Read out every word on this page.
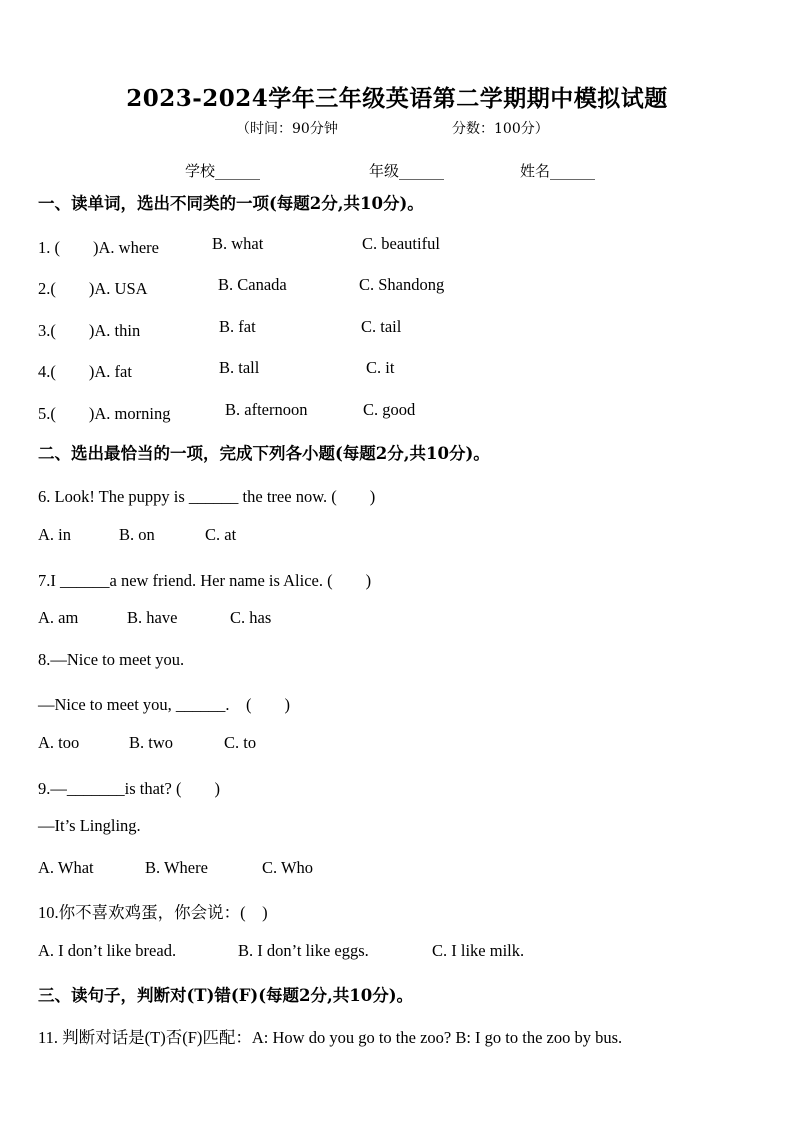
2023-2024学年三年级英语第二学期期中模拟试题
（时间：90分钟	分数：100分）
学校______	年级______	姓名______
一、读单词，选出不同类的一项(每题2分,共10分)。
1. (　　)A. where	B. what	C. beautiful
2.(　　)A. USA	B. Canada	C. Shandong
3.(　　)A. thin	B. fat	C. tail
4.(　　)A. fat	B. tall	C. it
5.(　　)A. morning	B. afternoon	C. good
二、选出最恰当的一项，完成下列各小题(每题2分,共10分)。
6. Look! The puppy is ______ the tree now. (　　)
A. in	B. on	C. at
7.I ______a new friend. Her name is Alice. (　　)
A. am	B. have	C. has
8.—Nice to meet you.
—Nice to meet you, ______.　(　　)
A. too	B. two	C. to
9.—_______is that? (　　)
—It’s Lingling.
A. What	B. Where	C. Who
10.你不喜欢鸡蛋，你会说：(　)
A. I don’t like bread.	B. I don’t like eggs.	C. I like milk.
三、读句子，判断对(T)错(F)(每题2分,共10分)。
11. 判断对话是(T)否(F)匹配：A: How do you go to the zoo? B: I go to the zoo by bus.
